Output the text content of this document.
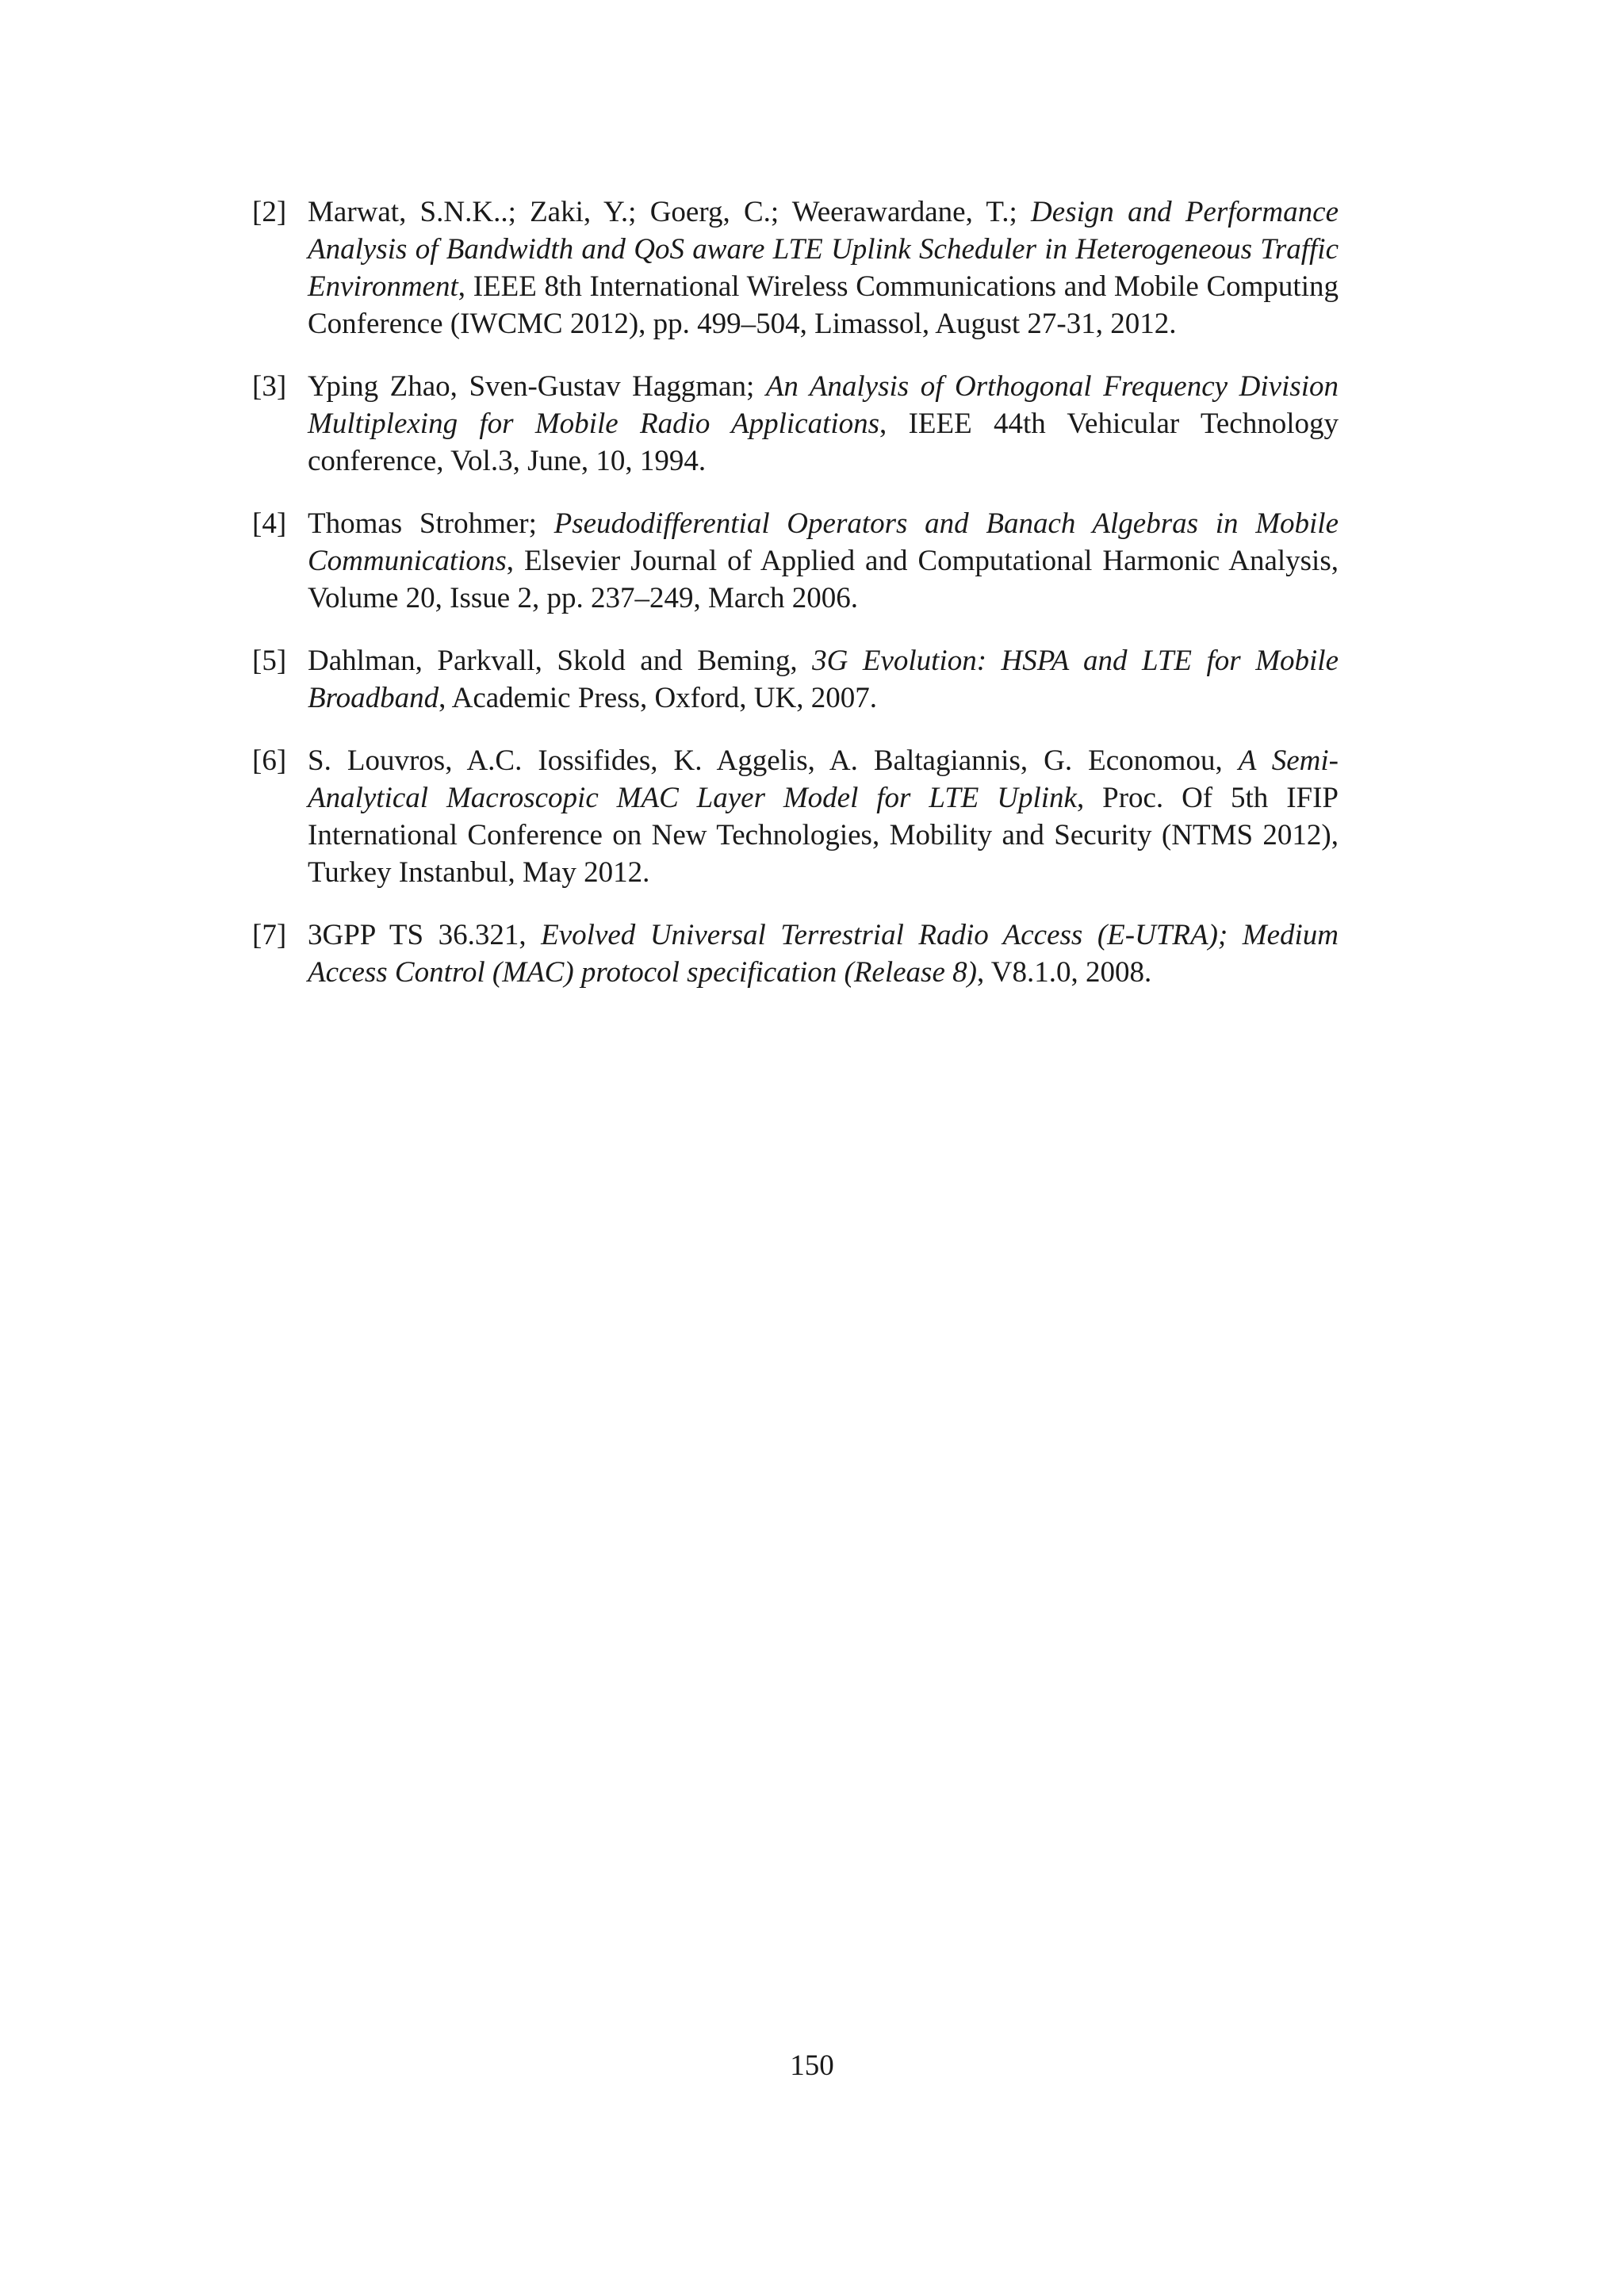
[2] Marwat, S.N.K..; Zaki, Y.; Goerg, C.; Weerawardane, T.; Design and Performance Analysis of Bandwidth and QoS aware LTE Uplink Scheduler in Heterogeneous Traffic Environment, IEEE 8th International Wireless Communications and Mobile Computing Conference (IWCMC 2012), pp. 499–504, Limassol, August 27-31, 2012.
[3] Yping Zhao, Sven-Gustav Haggman; An Analysis of Orthogonal Frequency Division Multiplexing for Mobile Radio Applications, IEEE 44th Vehicular Technology conference, Vol.3, June, 10, 1994.
[4] Thomas Strohmer; Pseudodifferential Operators and Banach Algebras in Mobile Communications, Elsevier Journal of Applied and Computational Harmonic Analysis, Volume 20, Issue 2, pp. 237–249, March 2006.
[5] Dahlman, Parkvall, Skold and Beming, 3G Evolution: HSPA and LTE for Mobile Broadband, Academic Press, Oxford, UK, 2007.
[6] S. Louvros, A.C. Iossifides, K. Aggelis, A. Baltagiannis, G. Economou, A Semi-Analytical Macroscopic MAC Layer Model for LTE Uplink, Proc. Of 5th IFIP International Conference on New Technologies, Mobility and Security (NTMS 2012), Turkey Instanbul, May 2012.
[7] 3GPP TS 36.321, Evolved Universal Terrestrial Radio Access (E-UTRA); Medium Access Control (MAC) protocol specification (Release 8), V8.1.0, 2008.
150
